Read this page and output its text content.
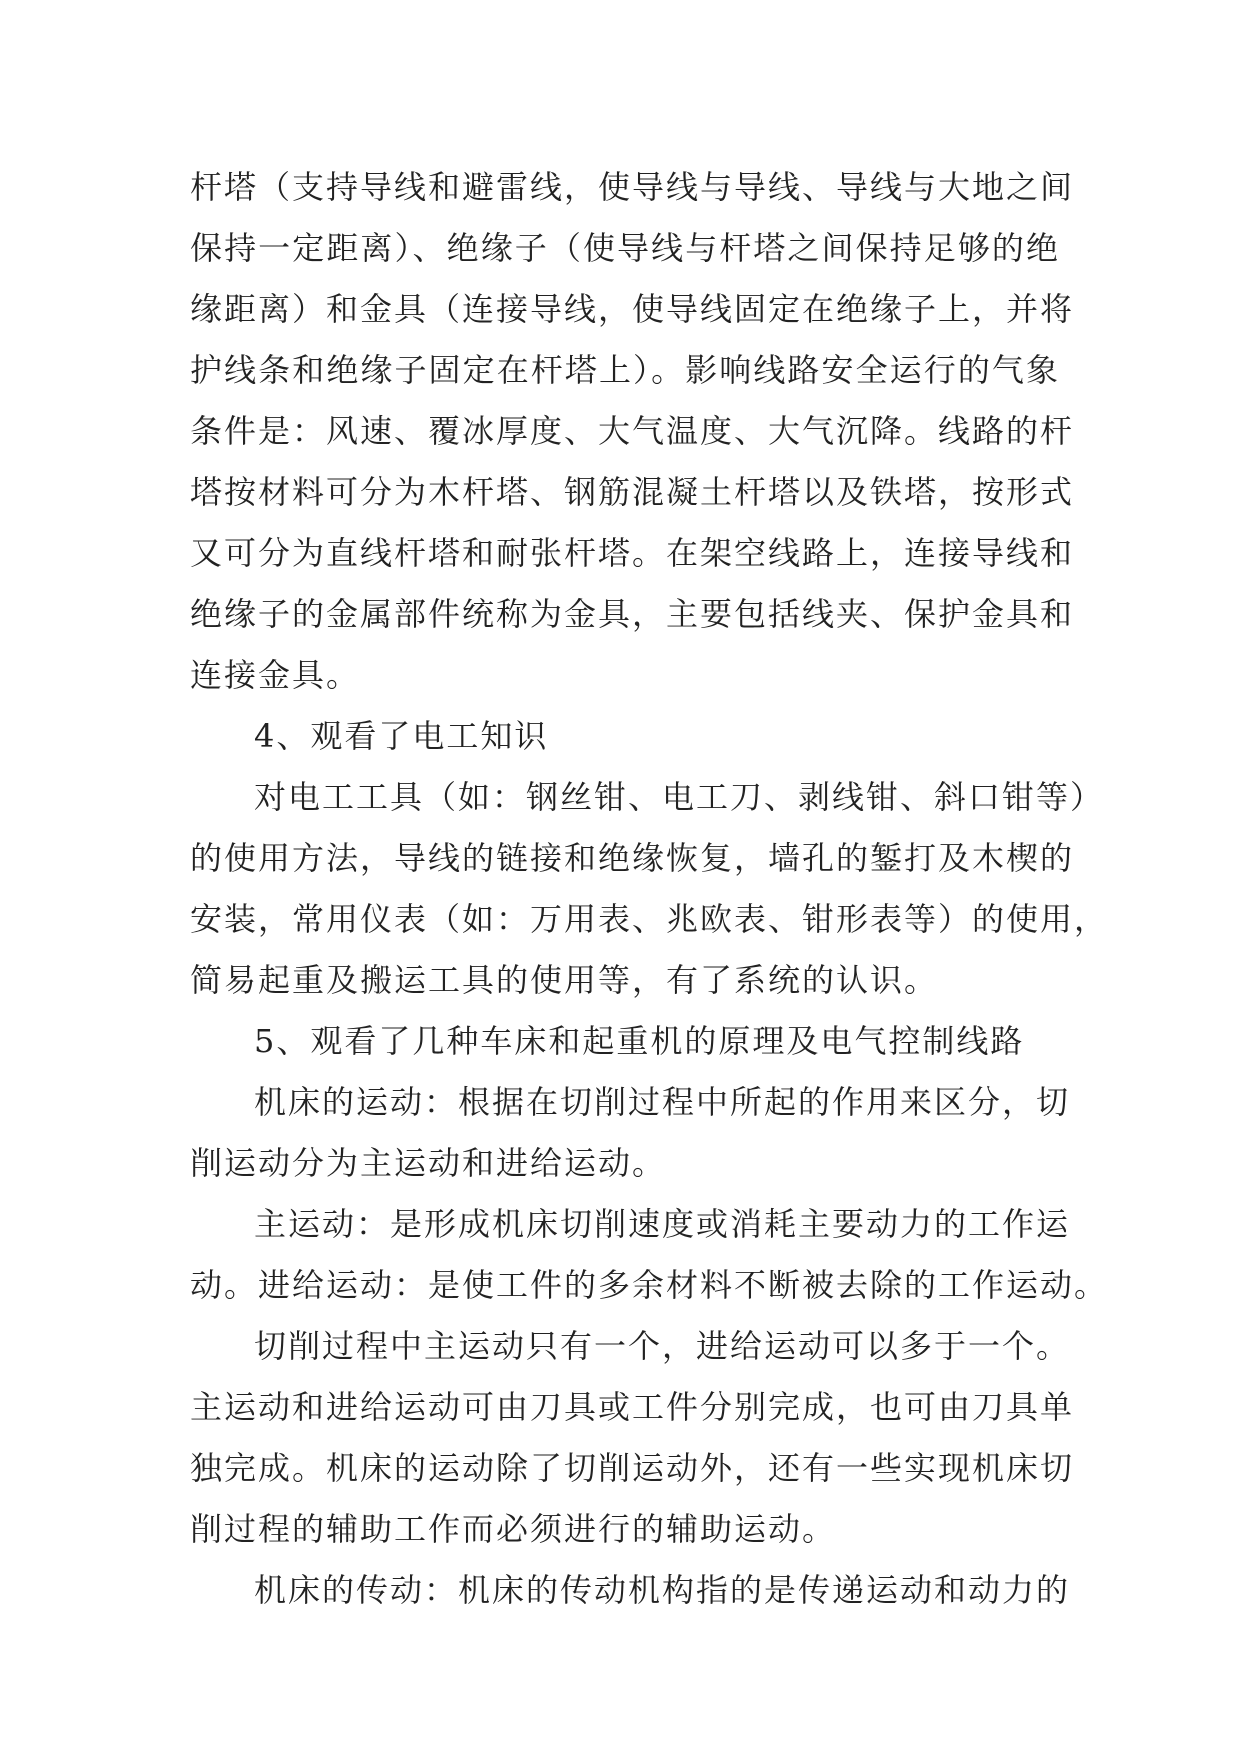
杆塔（支持导线和避雷线，使导线与导线、导线与大地之间
保持一定距离）、绝缘子（使导线与杆塔之间保持足够的绝
缘距离）和金具（连接导线，使导线固定在绝缘子上，并将
护线条和绝缘子固定在杆塔上）。影响线路安全运行的气象
条件是：风速、覆冰厚度、大气温度、大气沉降。线路的杆
塔按材料可分为木杆塔、钢筋混凝土杆塔以及铁塔，按形式
又可分为直线杆塔和耐张杆塔。在架空线路上，连接导线和
绝缘子的金属部件统称为金具，主要包括线夹、保护金具和
连接金具。
4、观看了电工知识
对电工工具（如：钢丝钳、电工刀、剥线钳、斜口钳等）
的使用方法，导线的链接和绝缘恢复，墙孔的錾打及木楔的
安装，常用仪表（如：万用表、兆欧表、钳形表等）的使用，
简易起重及搬运工具的使用等，有了系统的认识。
5、观看了几种车床和起重机的原理及电气控制线路
机床的运动：根据在切削过程中所起的作用来区分，切
削运动分为主运动和进给运动。
主运动：是形成机床切削速度或消耗主要动力的工作运
动。进给运动：是使工件的多余材料不断被去除的工作运动。
切削过程中主运动只有一个，进给运动可以多于一个。
主运动和进给运动可由刀具或工件分别完成，也可由刀具单
独完成。机床的运动除了切削运动外，还有一些实现机床切
削过程的辅助工作而必须进行的辅助运动。
机床的传动：机床的传动机构指的是传递运动和动力的
